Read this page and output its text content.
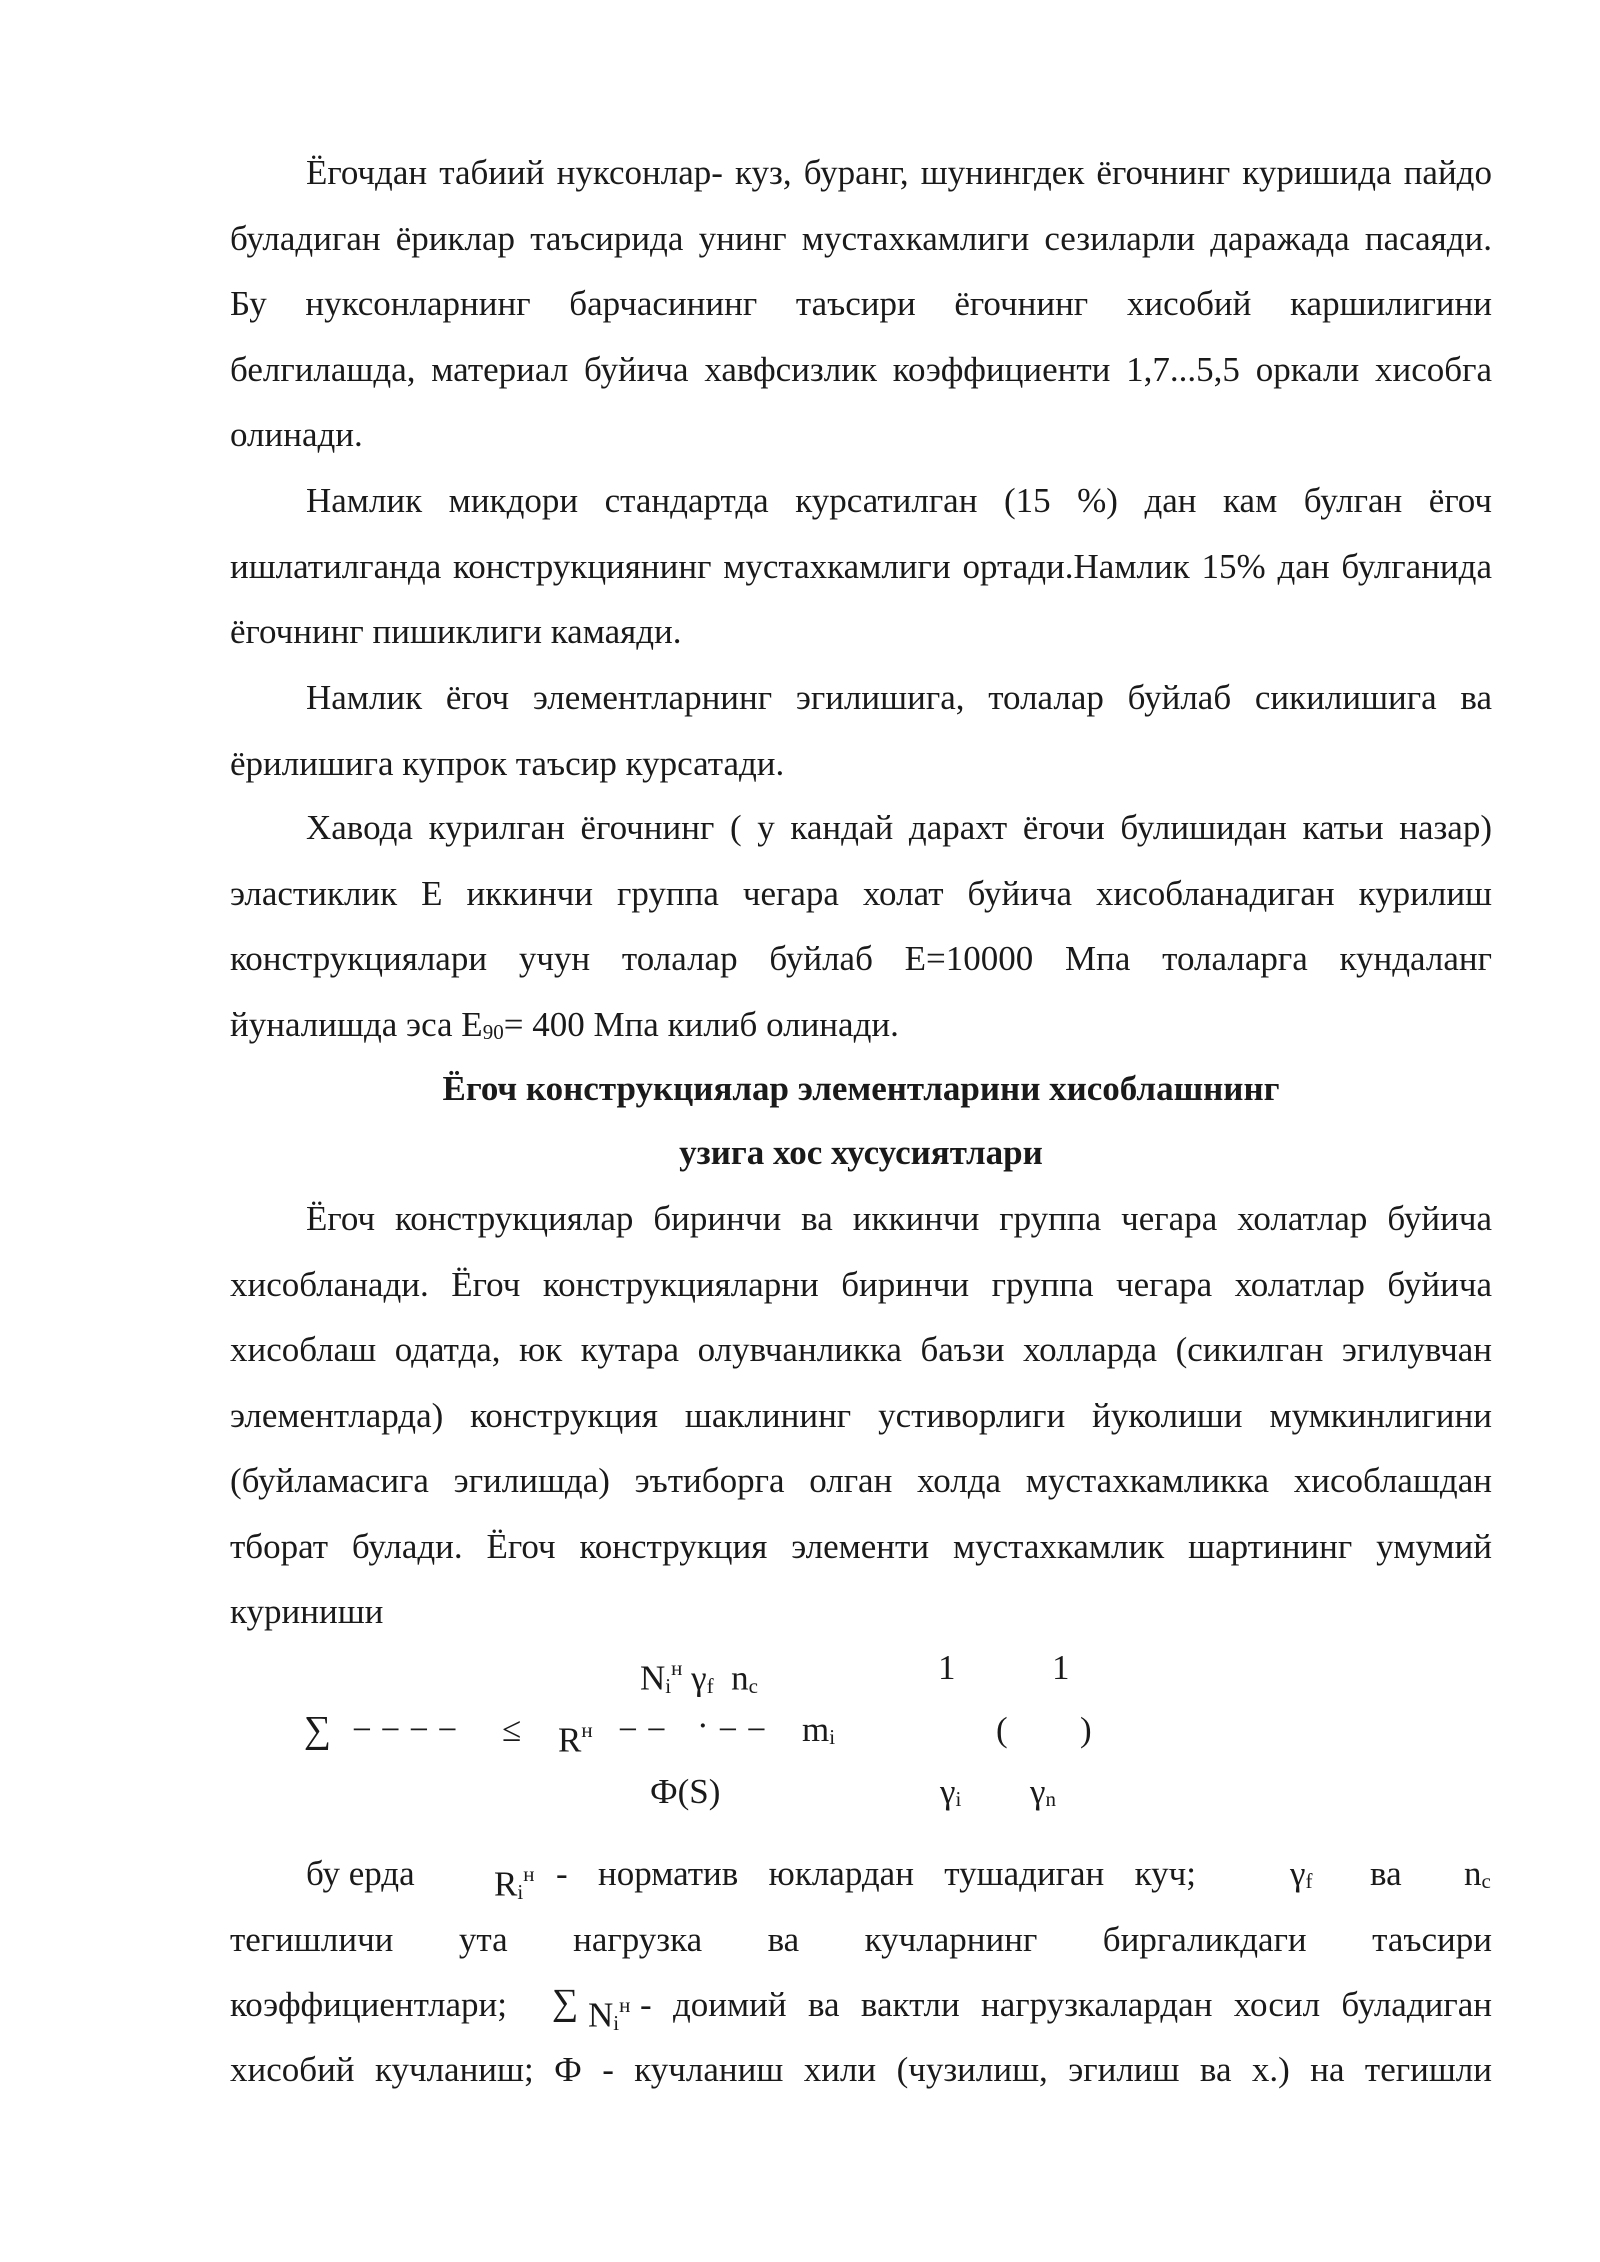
Ёгочдан табиий нуксонлар- куз, буранг, шунингдек ёгочнинг куришида пайдо буладиган ёриклар таъсирида унинг мустахкамлиги сезиларли даражада пасаяди. Бу нуксонларнинг барчасининг таъсири ёгочнинг хисобий каршилигини белгилашда, материал буйича хавфсизлик коэффициенти 1,7...5,5 оркали хисобга олинади.

Намлик микдори стандартда курсатилган (15 %) дан кам булган ёгоч ишлатилганда конструкциянинг мустахкамлиги ортади.Намлик 15% дан булганида ёгочнинг пишиклиги камаяди.

Намлик ёгоч элементларнинг эгилишига, толалар буйлаб сикилишига ва ёрилишига купрок таъсир курсатади.

Хавода курилган ёгочнинг ( у кандай дарахт ёгочи булишидан катьи назар) эластиклик Е иккинчи группа чегара холат буйича хисобланадиган курилиш конструкциялари учун толалар буйлаб Е=10000 Мпа толаларга кундаланг йуналишда эса $Е_{90}= 400$ Мпа килиб олинади.

Ёгоч конструкциялар элементларини хисоблашнинг

узига хос хусусиятлари

Ёгоч конструкциялар биринчи ва иккинчи группа чегара холатлар буйича хисобланади. Ёгоч конструкцияларни биринчи группа чегара холатлар буйича хисоблаш одатда, юк кутара олувчанликка баъзи холларда (сикилган эгилувчан элементларда) конструкция шаклининг устиворлиги йуколиши мумкинлигини (буйламасига эгилишда) эътиборга олган холда мустахкамликка хисоблашдан тборат булади. Ёгоч конструкция элементи мустахкамлик шартининг умумий куриниши

$N_i^н$ $\gamma_f$ $n_c$	1	1
∑ − − − − ≤ $R^н$ − − · − − $m_i$	( )
Ф(S)	$\gamma_i$ $\gamma_n$
бу ерда $R_i^н$ - норматив юклардан тушадиган куч;	$\gamma_f$ ва $n_c$
тегишличи ута нагрузка ва кучларнинг биргаликдаги таъсири
коэффициентлари; ∑ $N_i^н$ - доимий ва вактли нагрузкалардан хосил буладиган
хисобий кучланиш; Ф - кучланиш хили (чузилиш, эгилиш ва х.) на тегишли
